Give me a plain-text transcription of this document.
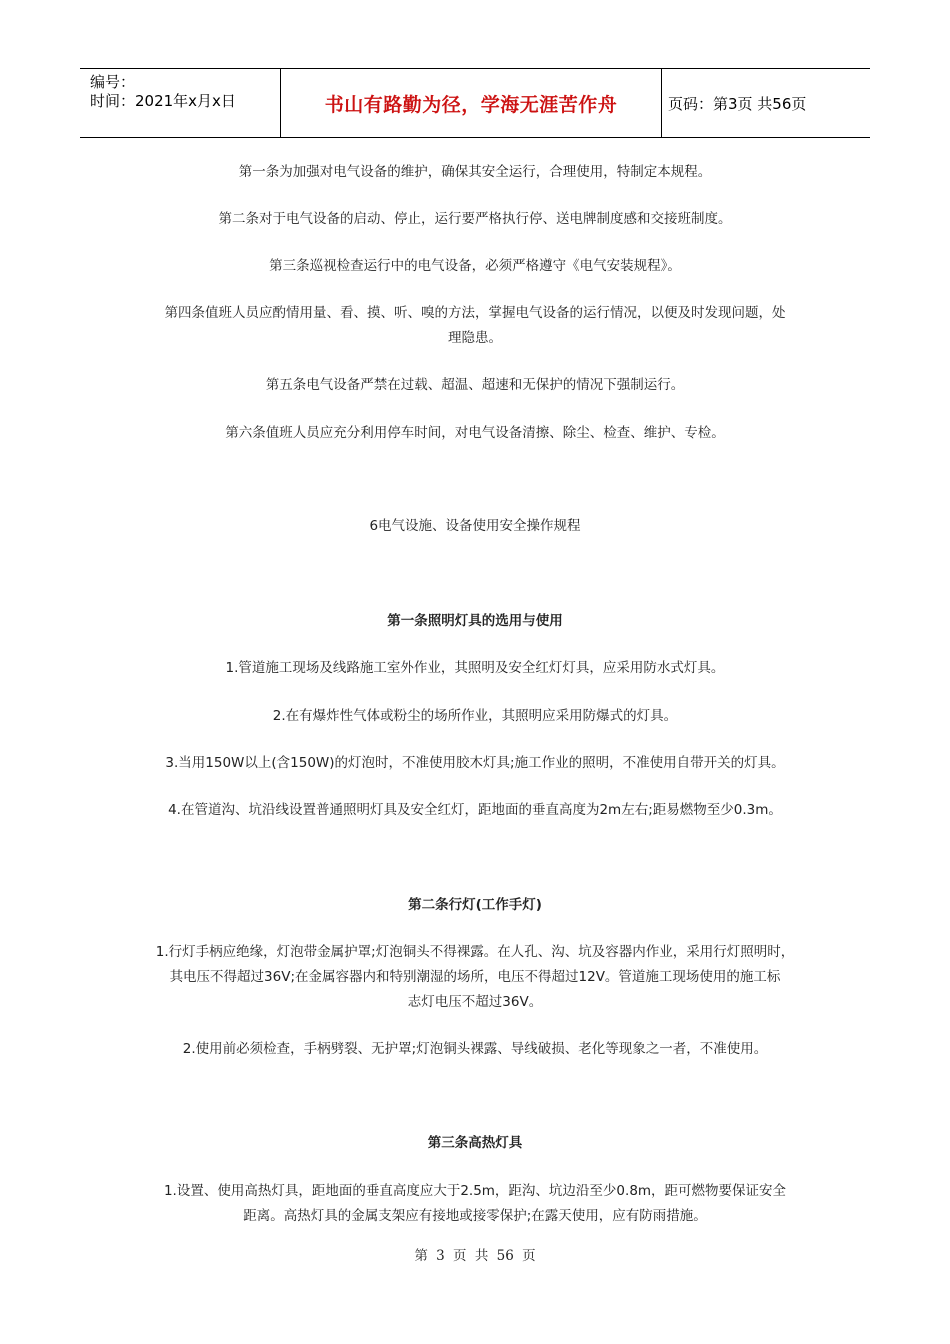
编号：
时间：2021年x月x日	书山有路勤为径，学海无涯苦作舟	页码：第3页 共56页
第一条为加强对电气设备的维护，确保其安全运行，合理使用，特制定本规程。
第二条对于电气设备的启动、停止，运行要严格执行停、送电牌制度感和交接班制度。
第三条巡视检查运行中的电气设备，必须严格遵守《电气安装规程》。
第四条值班人员应酌情用量、看、摸、听、嗅的方法，掌握电气设备的运行情况，以便及时发现问题，处
理隐患。
第五条电气设备严禁在过载、超温、超速和无保护的情况下强制运行。
第六条值班人员应充分利用停车时间，对电气设备清擦、除尘、检查、维护、专检。
6电气设施、设备使用安全操作规程
第一条照明灯具的选用与使用
1.管道施工现场及线路施工室外作业，其照明及安全红灯灯具，应采用防水式灯具。
2.在有爆炸性气体或粉尘的场所作业，其照明应采用防爆式的灯具。
3.当用150W以上(含150W)的灯泡时，不准使用胶木灯具;施工作业的照明，不准使用自带开关的灯具。
4.在管道沟、坑沿线设置普通照明灯具及安全红灯，距地面的垂直高度为2m左右;距易燃物至少0.3m。
第二条行灯(工作手灯)
1.行灯手柄应绝缘，灯泡带金属护罩;灯泡铜头不得裸露。在人孔、沟、坑及容器内作业，采用行灯照明时，
其电压不得超过36V;在金属容器内和特别潮湿的场所，电压不得超过12V。管道施工现场使用的施工标
志灯电压不超过36V。
2.使用前必须检查，手柄劈裂、无护罩;灯泡铜头裸露、导线破损、老化等现象之一者，不准使用。
第三条高热灯具
1.设置、使用高热灯具，距地面的垂直高度应大于2.5m，距沟、坑边沿至少0.8m，距可燃物要保证安全
距离。高热灯具的金属支架应有接地或接零保护;在露天使用，应有防雨措施。
第 3 页 共 56 页
